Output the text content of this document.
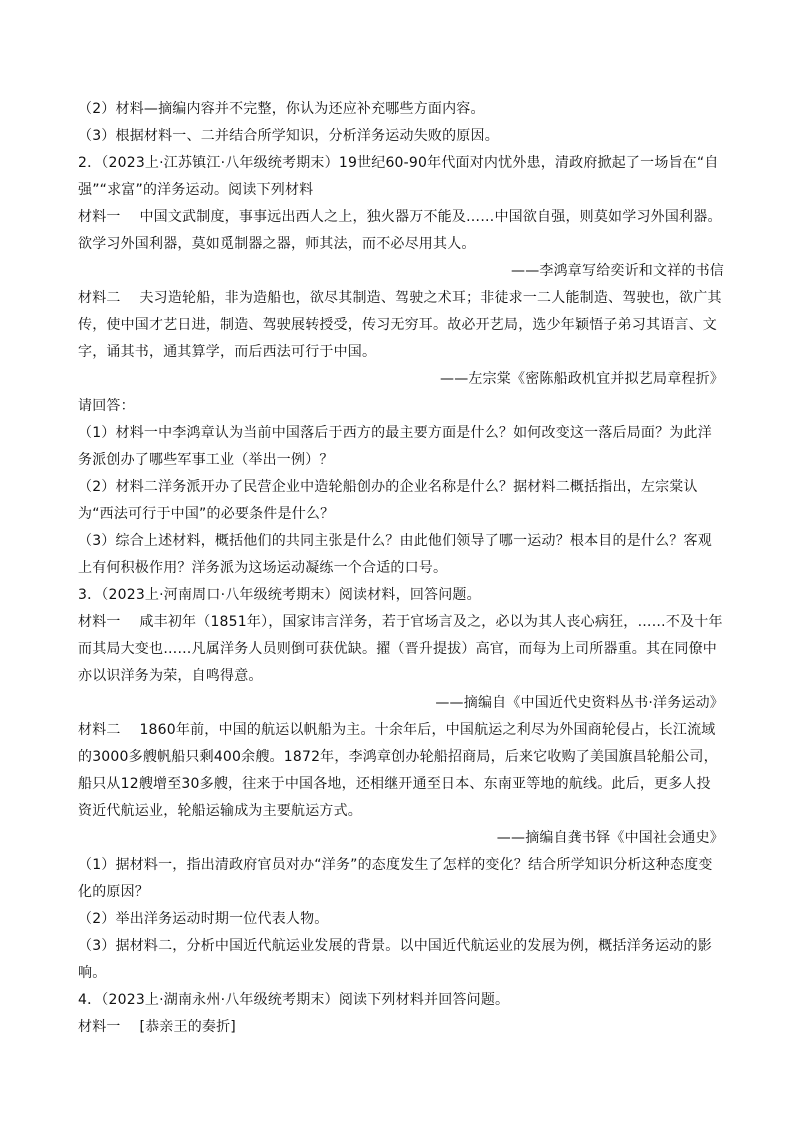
（2）材料—摘编内容并不完整，你认为还应补充哪些方面内容。

（3）根据材料一、二并结合所学知识，分析洋务运动失败的原因。

2．（2023上·江苏镇江·八年级统考期末）19世纪60-90年代面对内忧外患，清政府掀起了一场旨在“自强”“求富”的洋务运动。阅读下列材料

材料一　 中国文武制度，事事远出西人之上，独火器万不能及……中国欲自强，则莫如学习外国利器。欲学习外国利器，莫如觅制器之器，师其法，而不必尽用其人。

——李鸿章写给奕䜣和文祥的书信

材料二　 夫习造轮船，非为造船也，欲尽其制造、驾驶之术耳；非徒求一二人能制造、驾驶也，欲广其传，使中国才艺日进，制造、驾驶展转授受，传习无穷耳。故必开艺局，选少年颖悟子弟习其语言、文字，诵其书，通其算学，而后西法可行于中国。

——左宗棠《密陈船政机宜并拟艺局章程折》

请回答：

（1）材料一中李鸿章认为当前中国落后于西方的最主要方面是什么？如何改变这一落后局面？为此洋务派创办了哪些军事工业（举出一例）？

（2）材料二洋务派开办了民营企业中造轮船创办的企业名称是什么？据材料二概括指出，左宗棠认为“西法可行于中国”的必要条件是什么？

（3）综合上述材料，概括他们的共同主张是什么？由此他们领导了哪一运动？根本目的是什么？客观上有何积极作用？洋务派为这场运动凝练一个合适的口号。

3．（2023上·河南周口·八年级统考期末）阅读材料，回答问题。

材料一　 咸丰初年（1851年），国家讳言洋务，若于官场言及之，必以为其人丧心病狂，……不及十年而其局大变也……凡属洋务人员则倒可获优缺。擢（晋升提拔）高官，而每为上司所器重。其在同僚中亦以识洋务为荣，自鸣得意。

——摘编自《中国近代史资料丛书·洋务运动》

材料二　 1860年前，中国的航运以帆船为主。十余年后，中国航运之利尽为外国商轮侵占，长江流域的3000多艘帆船只剩400余艘。1872年，李鸿章创办轮船招商局，后来它收购了美国旗昌轮船公司，船只从12艘增至30多艘，往来于中国各地，还相继开通至日本、东南亚等地的航线。此后，更多人投资近代航运业，轮船运输成为主要航运方式。

——摘编自龚书铎《中国社会通史》

（1）据材料一，指出清政府官员对办“洋务”的态度发生了怎样的变化？结合所学知识分析这种态度变化的原因？

（2）举出洋务运动时期一位代表人物。

（3）据材料二，分析中国近代航运业发展的背景。以中国近代航运业的发展为例，概括洋务运动的影响。

4．（2023上·湖南永州·八年级统考期末）阅读下列材料并回答问题。

材料一　 [恭亲王的奏折]
